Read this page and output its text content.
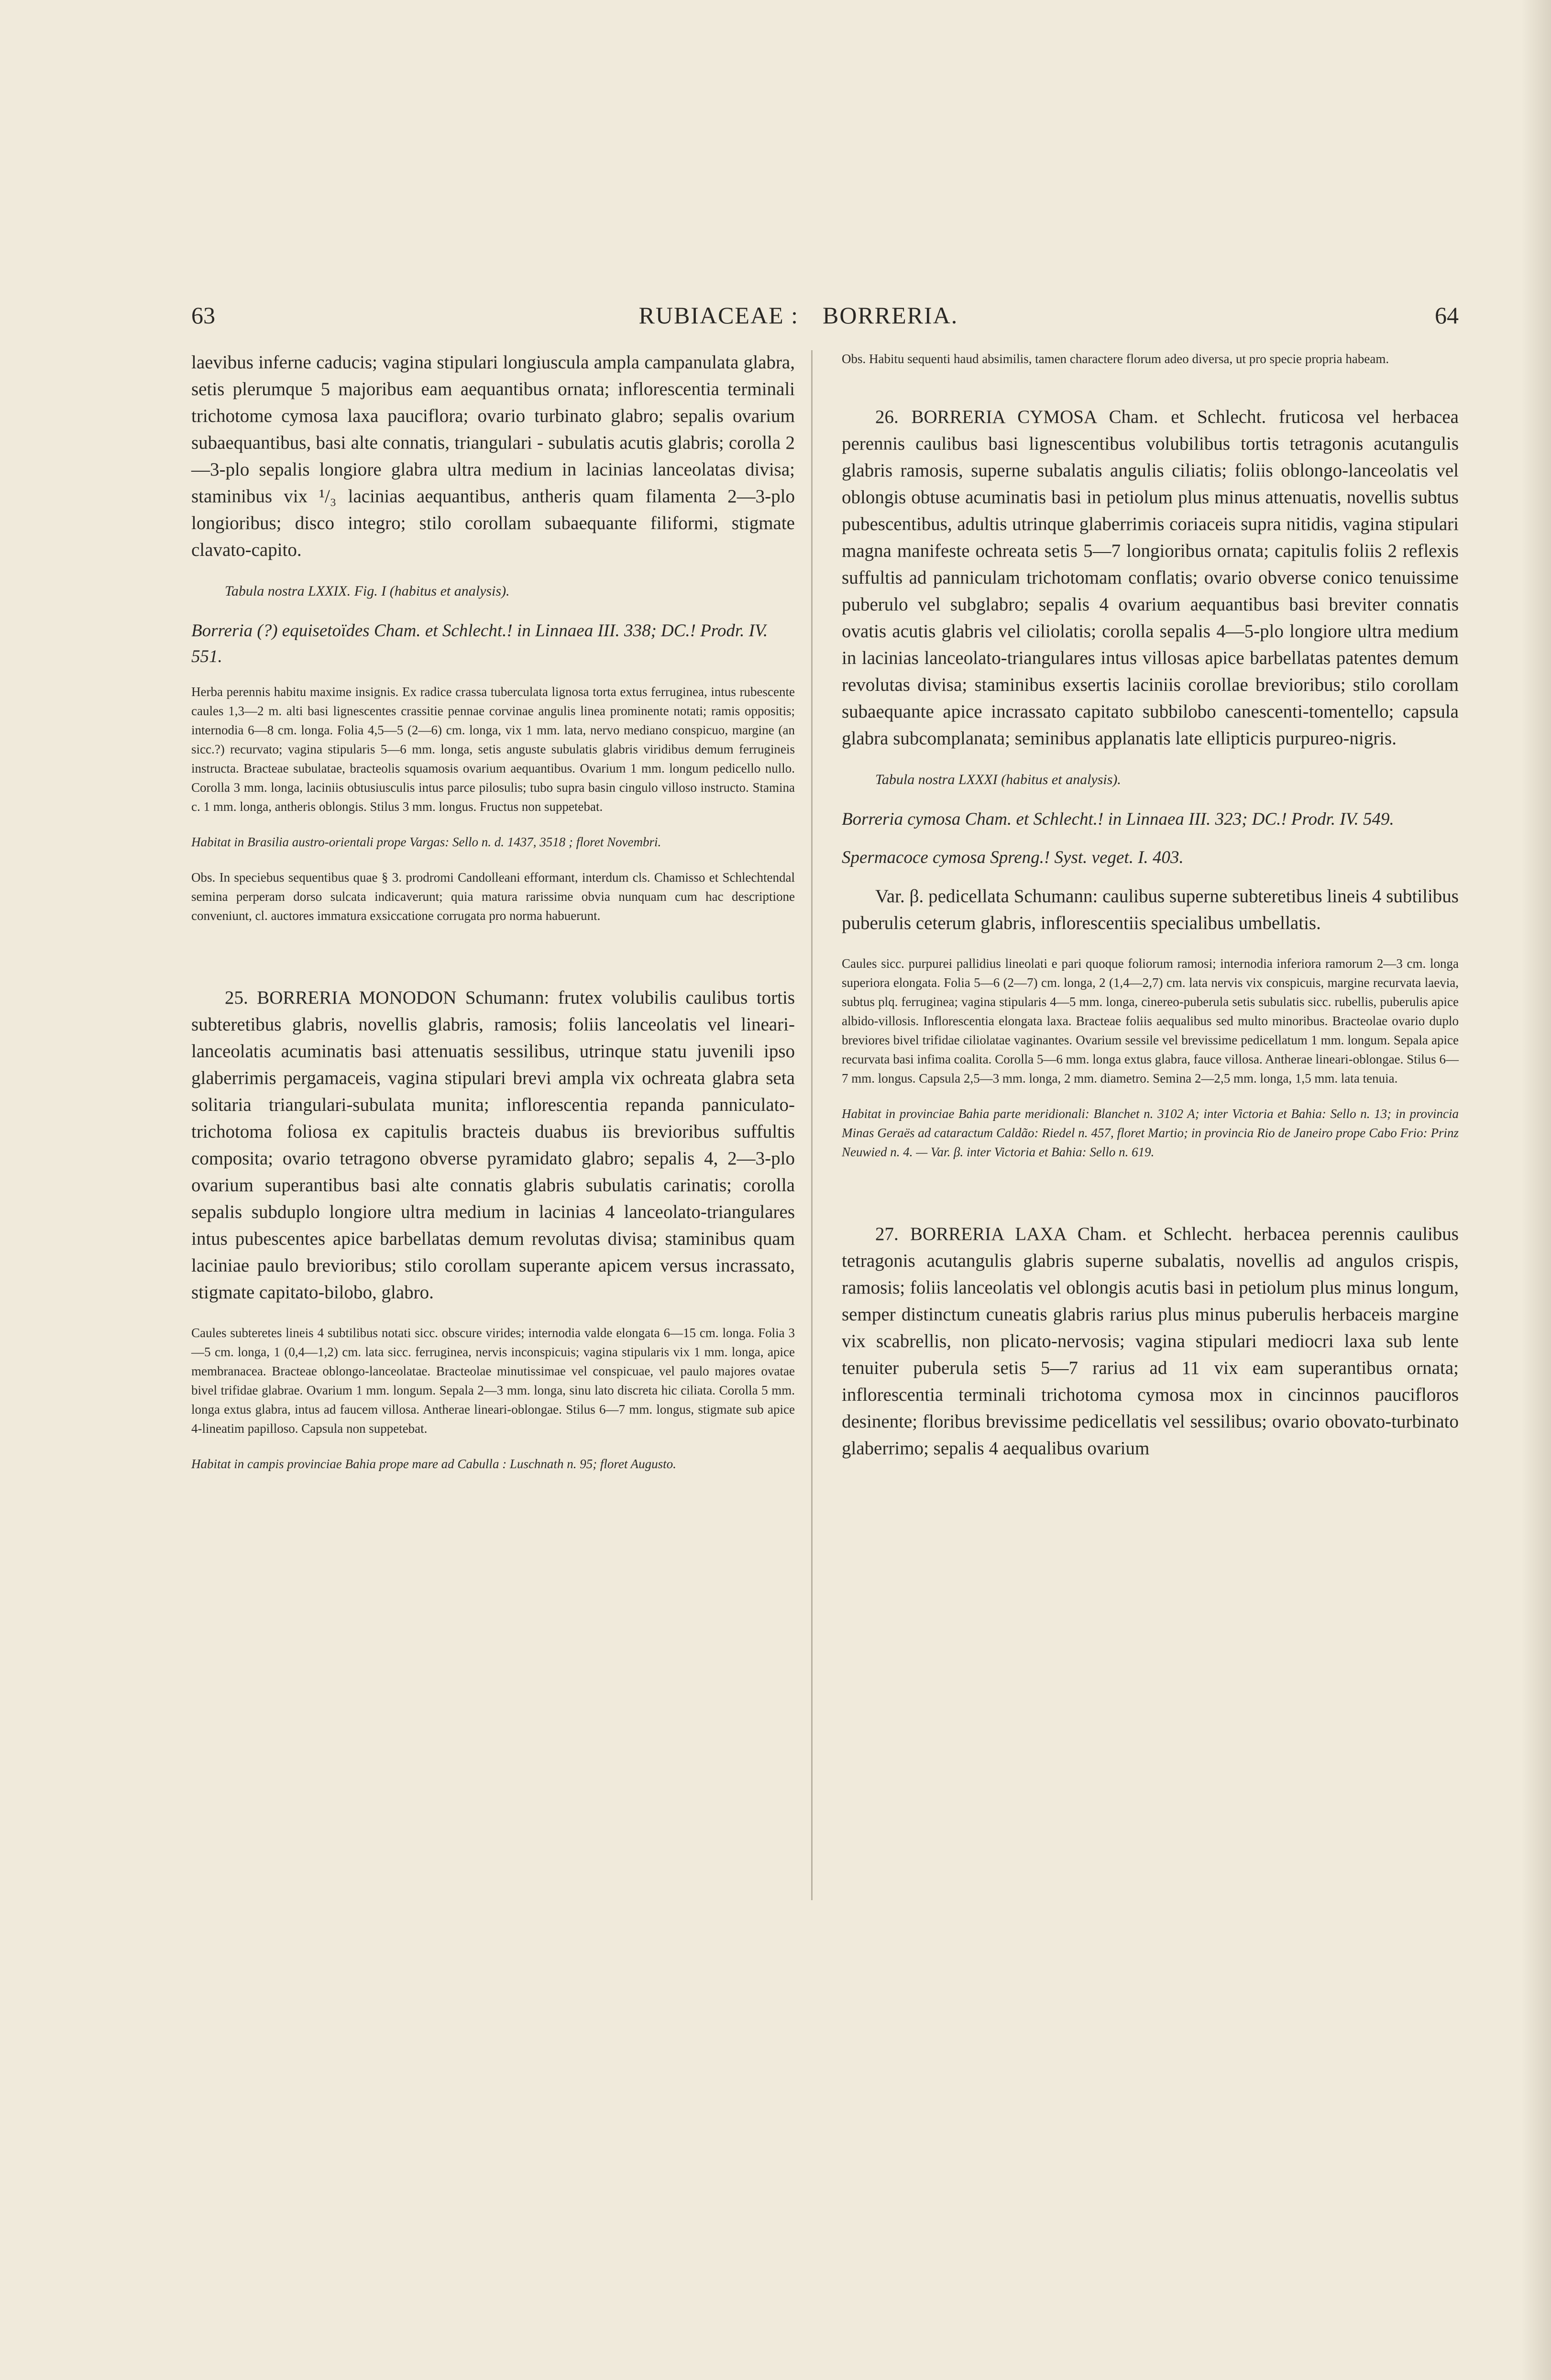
63	RUBIACEAE : BORRERIA.	64

laevibus inferne caducis; vagina stipulari longiuscula ampla campanulata glabra, setis plerumque 5 majoribus eam aequantibus ornata; inflorescentia terminali trichotome cymosa laxa pauciflora; ovario turbinato glabro; sepalis ovarium subaequantibus, basi alte connatis, triangulari - subulatis acutis glabris; corolla 2—3-plo sepalis longiore glabra ultra medium in lacinias lanceolatas divisa; staminibus vix ¹/₃ lacinias aequantibus, antheris quam filamenta 2—3-plo longioribus; disco integro; stilo corollam subaequante filiformi, stigmate clavato-capito.

Tabula nostra LXXIX. Fig. I (habitus et analysis).

Borreria (?) equisetoïdes Cham. et Schlecht.! in Linnaea III. 338; DC.! Prodr. IV. 551.

Herba perennis habitu maxime insignis. Ex radice crassa tuberculata lignosa torta extus ferruginea, intus rubescente caules 1,3—2 m. alti basi lignescentes crassitie pennae corvinae angulis linea prominente notati; ramis oppositis; internodia 6—8 cm. longa. Folia 4,5—5 (2—6) cm. longa, vix 1 mm. lata, nervo mediano conspicuo, margine (an sicc.?) recurvato; vagina stipularis 5—6 mm. longa, setis anguste subulatis glabris viridibus demum ferrugineis instructa. Bracteae subulatae, bracteolis squamosis ovarium aequantibus. Ovarium 1 mm. longum pedicello nullo. Corolla 3 mm. longa, laciniis obtusiusculis intus parce pilosulis; tubo supra basin cingulo villoso instructo. Stamina c. 1 mm. longa, antheris oblongis. Stilus 3 mm. longus. Fructus non suppetebat.

Habitat in Brasilia austro-orientali prope Vargas: Sello n. d. 1437, 3518 ; floret Novembri.

Obs. In speciebus sequentibus quae § 3. prodromi Candolleani efformant, interdum cls. Chamisso et Schlechtendal semina perperam dorso sulcata indicaverunt; quia matura rarissime obvia nunquam cum hac descriptione conveniunt, cl. auctores immatura exsiccatione corrugata pro norma habuerunt.

25. BORRERIA MONODON Schumann: frutex volubilis caulibus tortis subteretibus glabris, novellis glabris, ramosis; foliis lanceolatis vel lineari-lanceolatis acuminatis basi attenuatis sessilibus, utrinque statu juvenili ipso glaberrimis pergamaceis, vagina stipulari brevi ampla vix ochreata glabra seta solitaria triangulari-subulata munita; inflorescentia repanda panniculato-trichotoma foliosa ex capitulis bracteis duabus iis brevioribus suffultis composita; ovario tetragono obverse pyramidato glabro; sepalis 4, 2—3-plo ovarium superantibus basi alte connatis glabris subulatis carinatis; corolla sepalis subduplo longiore ultra medium in lacinias 4 lanceolato-triangulares intus pubescentes apice barbellatas demum revolutas divisa; staminibus quam laciniae paulo brevioribus; stilo corollam superante apicem versus incrassato, stigmate capitato-bilobo, glabro.

Caules subteretes lineis 4 subtilibus notati sicc. obscure virides; internodia valde elongata 6—15 cm. longa. Folia 3—5 cm. longa, 1 (0,4—1,2) cm. lata sicc. ferruginea, nervis inconspicuis; vagina stipularis vix 1 mm. longa, apice membranacea. Bracteae oblongo-lanceolatae. Bracteolae minutissimae vel conspicuae, vel paulo majores ovatae bivel trifidae glabrae. Ovarium 1 mm. longum. Sepala 2—3 mm. longa, sinu lato discreta hic ciliata. Corolla 5 mm. longa extus glabra, intus ad faucem villosa. Antherae lineari-oblongae. Stilus 6—7 mm. longus, stigmate sub apice 4-lineatim papilloso. Capsula non suppetebat.

Habitat in campis provinciae Bahia prope mare ad Cabulla : Luschnath n. 95; floret Augusto.

Obs. Habitu sequenti haud absimilis, tamen charactere florum adeo diversa, ut pro specie propria habeam.

26. BORRERIA CYMOSA Cham. et Schlecht. fruticosa vel herbacea perennis caulibus basi lignescentibus volubilibus tortis tetragonis acutangulis glabris ramosis, superne subalatis angulis ciliatis; foliis oblongo-lanceolatis vel oblongis obtuse acuminatis basi in petiolum plus minus attenuatis, novellis subtus pubescentibus, adultis utrinque glaberrimis coriaceis supra nitidis, vagina stipulari magna manifeste ochreata setis 5—7 longioribus ornata; capitulis foliis 2 reflexis suffultis ad panniculam trichotomam conflatis; ovario obverse conico tenuissime puberulo vel subglabro; sepalis 4 ovarium aequantibus basi breviter connatis ovatis acutis glabris vel ciliolatis; corolla sepalis 4—5-plo longiore ultra medium in lacinias lanceolato-triangulares intus villosas apice barbellatas patentes demum revolutas divisa; staminibus exsertis laciniis corollae brevioribus; stilo corollam subaequante apice incrassato capitato subbilobo canescenti-tomentello; capsula glabra subcomplanata; seminibus applanatis late ellipticis purpureo-nigris.

Tabula nostra LXXXI (habitus et analysis).

Borreria cymosa Cham. et Schlecht.! in Linnaea III. 323; DC.! Prodr. IV. 549.

Spermacoce cymosa Spreng.! Syst. veget. I. 403.

Var. β. pedicellata Schumann: caulibus superne subteretibus lineis 4 subtilibus puberulis ceterum glabris, inflorescentiis specialibus umbellatis.

Caules sicc. purpurei pallidius lineolati e pari quoque foliorum ramosi; internodia inferiora ramorum 2—3 cm. longa superiora elongata. Folia 5—6 (2—7) cm. longa, 2 (1,4—2,7) cm. lata nervis vix conspicuis, margine recurvata laevia, subtus plq. ferruginea; vagina stipularis 4—5 mm. longa, cinereo-puberula setis subulatis sicc. rubellis, puberulis apice albido-villosis. Inflorescentia elongata laxa. Bracteae foliis aequalibus sed multo minoribus. Bracteolae ovario duplo breviores bivel trifidae ciliolatae vaginantes. Ovarium sessile vel brevissime pedicellatum 1 mm. longum. Sepala apice recurvata basi infima coalita. Corolla 5—6 mm. longa extus glabra, fauce villosa. Antherae lineari-oblongae. Stilus 6—7 mm. longus. Capsula 2,5—3 mm. longa, 2 mm. diametro. Semina 2—2,5 mm. longa, 1,5 mm. lata tenuia.

Habitat in provinciae Bahia parte meridionali: Blanchet n. 3102 A; inter Victoria et Bahia: Sello n. 13; in provincia Minas Geraës ad cataractum Caldão: Riedel n. 457, floret Martio; in provincia Rio de Janeiro prope Cabo Frio: Prinz Neuwied n. 4. — Var. β. inter Victoria et Bahia: Sello n. 619.

27. BORRERIA LAXA Cham. et Schlecht. herbacea perennis caulibus tetragonis acutangulis glabris superne subalatis, novellis ad angulos crispis, ramosis; foliis lanceolatis vel oblongis acutis basi in petiolum plus minus longum, semper distinctum cuneatis glabris rarius plus minus puberulis herbaceis margine vix scabrellis, non plicato-nervosis; vagina stipulari mediocri laxa sub lente tenuiter puberula setis 5—7 rarius ad 11 vix eam superantibus ornata; inflorescentia terminali trichotoma cymosa mox in cincinnos paucifloros desinente; floribus brevissime pedicellatis vel sessilibus; ovario obovato-turbinato glaberrimo; sepalis 4 aequalibus ovarium
